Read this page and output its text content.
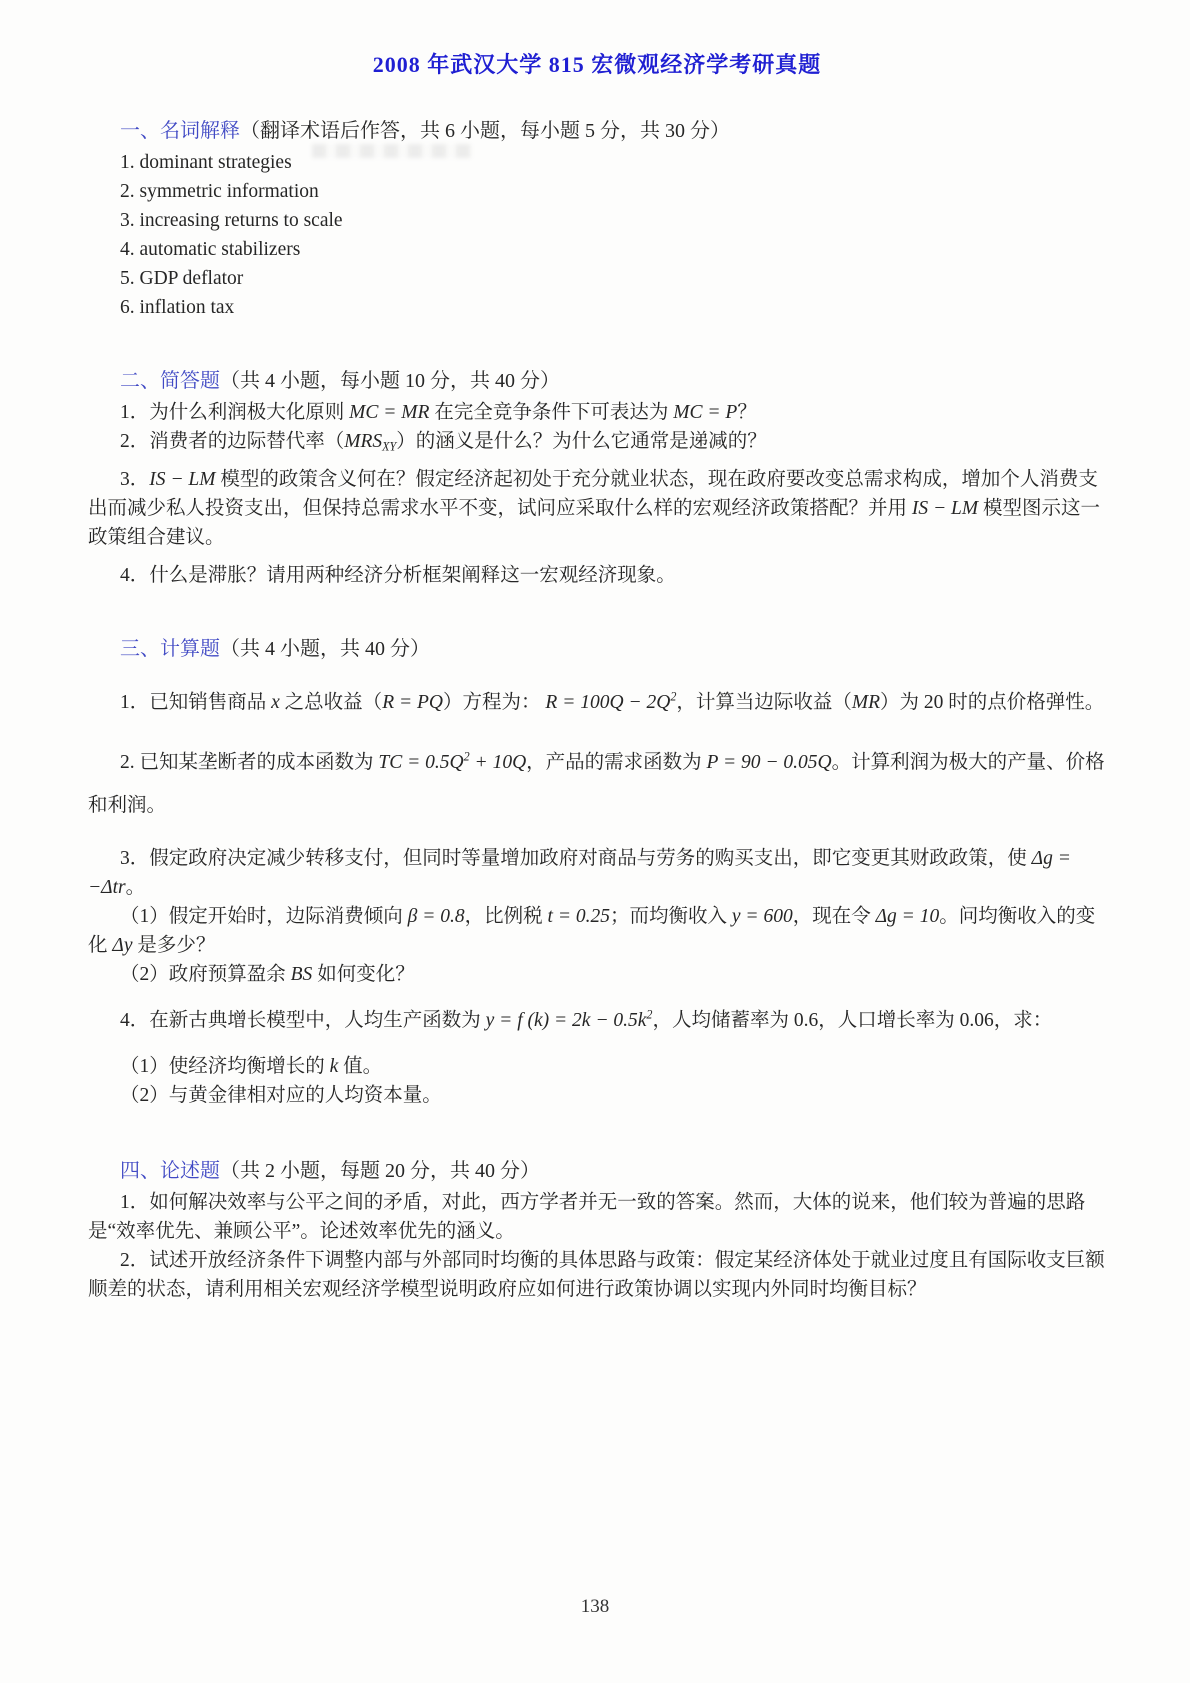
2008 年武汉大学 815 宏微观经济学考研真题
一、名词解释（翻译术语后作答，共 6 小题，每小题 5 分，共 30 分）

1. dominant strategies

2. symmetric information

3. increasing returns to scale

4. automatic stabilizers

5. GDP deflator

6. inflation tax

二、简答题（共 4 小题，每小题 10 分，共 40 分）

1．为什么利润极大化原则 MC = MR 在完全竞争条件下可表达为 MC = P？

2．消费者的边际替代率$(MRS_{XY})$的涵义是什么？为什么它通常是递减的？

3．IS − LM 模型的政策含义何在？假定经济起初处于充分就业状态，现在政府要改变总需求构成，增加个人消费支出而减少私人投资支出，但保持总需求水平不变，试问应采取什么样的宏观经济政策搭配？并用 IS − LM 模型图示这一政策组合建议。

4．什么是滞胀？请用两种经济分析框架阐释这一宏观经济现象。

三、计算题（共 4 小题，共 40 分）

1．已知销售商品 x 之总收益（R = PQ）方程为： $R = 100Q - 2Q^2$，计算当边际收益（MR）为 20 时的点价格弹性。

2. 已知某垄断者的成本函数为 TC = $0.5Q^2 + 10Q$，产品的需求函数为 P = 90 − 0.05Q。计算利润为极大的产量、价格和利润。

3．假定政府决定减少转移支付，但同时等量增加政府对商品与劳务的购买支出，即它变更其财政政策，使 Δg = −Δtr。

（1）假定开始时，边际消费倾向 β = 0.8，比例税 t = 0.25；而均衡收入 y = 600，现在令 Δg = 10。问均衡收入的变化 Δy 是多少？

（2）政府预算盈余 BS 如何变化？

4．在新古典增长模型中，人均生产函数为 y = f $(k) = 2k - 0.5k^2$，人均储蓄率为 0.6，人口增长率为 0.06，求：

（1）使经济均衡增长的 k 值。

（2）与黄金律相对应的人均资本量。

四、论述题（共 2 小题，每题 20 分，共 40 分）

1．如何解决效率与公平之间的矛盾，对此，西方学者并无一致的答案。然而，大体的说来，他们较为普遍的思路是“效率优先、兼顾公平”。论述效率优先的涵义。

2．试述开放经济条件下调整内部与外部同时均衡的具体思路与政策：假定某经济体处于就业过度且有国际收支巨额顺差的状态，请利用相关宏观经济学模型说明政府应如何进行政策协调以实现内外同时均衡目标？

138
